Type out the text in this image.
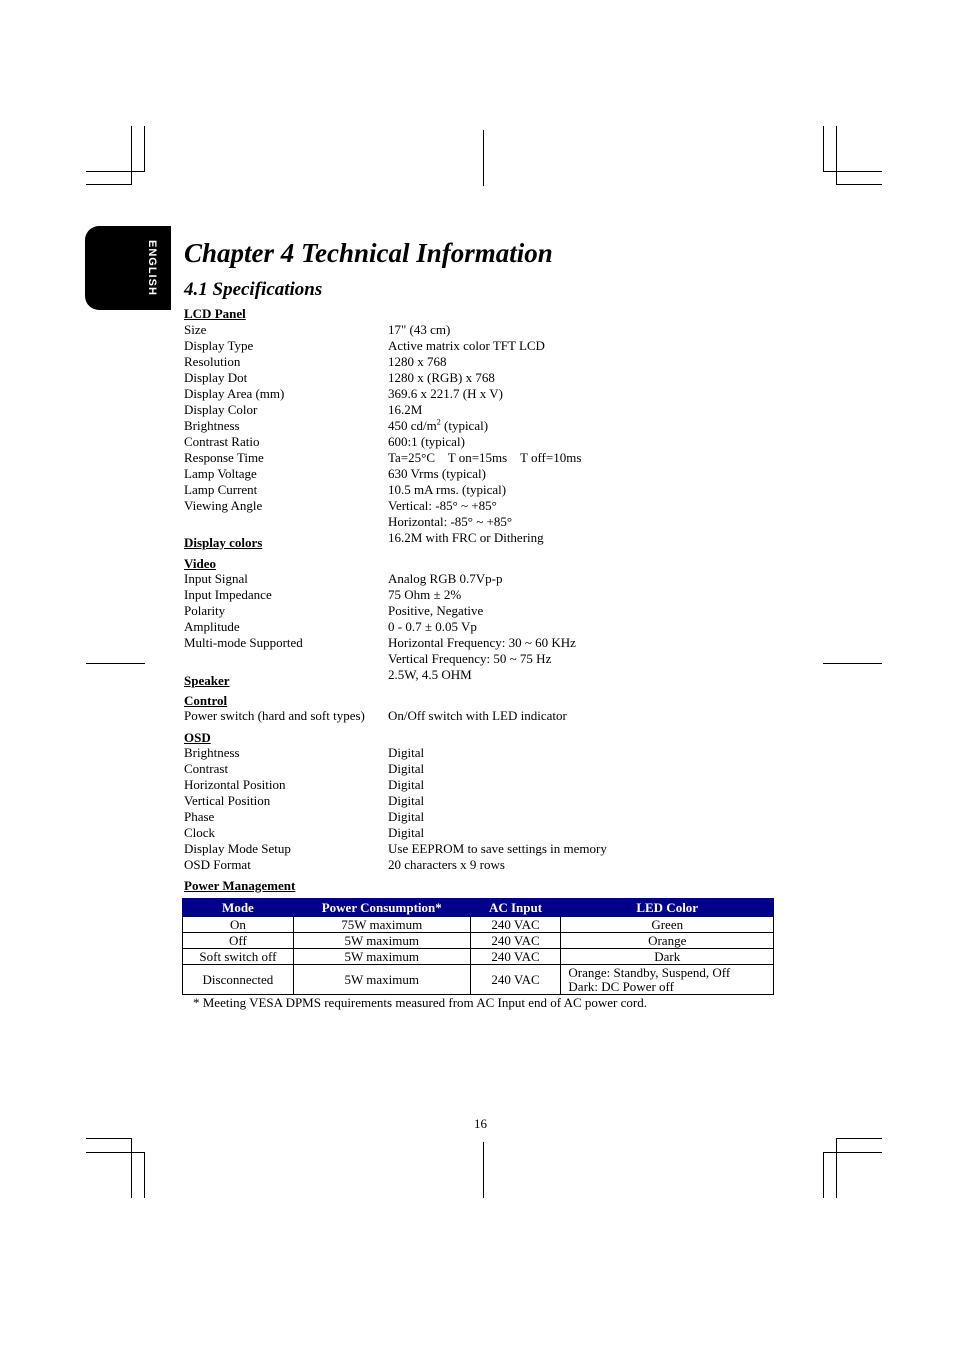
ENGLISH Chapter 4 Technical Information
4.1 Specifications
LCD Panel
Size	17" (43 cm)
Display Type	Active matrix color TFT LCD
Resolution	1280 x 768
Display Dot	1280 x (RGB) x 768
Display Area (mm)	369.6 x 221.7 (H x V)
Display Color	16.2M
Brightness	450 $cd/m^2$ (typical)
Contrast Ratio	600:1 (typical)
Response Time	Ta=25°C    T on=15ms    T off=10ms
Lamp Voltage	630 Vrms (typical)
Lamp Current	10.5 mA rms. (typical)
Viewing Angle	Vertical: -85° ~ +85°
Horizontal: -85° ~ +85°
Display colors	16.2M with FRC or Dithering
Video
Input Signal	Analog RGB 0.7Vp-p
Input Impedance	75 Ohm ± 2%
Polarity	Positive, Negative
Amplitude	0 - 0.7 ± 0.05 Vp
Multi-mode Supported	Horizontal Frequency: 30 ~ 60 KHz
Vertical Frequency: 50 ~ 75 Hz
Speaker	2.5W, 4.5 OHM
Control
Power switch (hard and soft types) On/Off switch with LED indicator
OSD
Brightness	Digital
Contrast	Digital
Horizontal Position	Digital
Vertical Position	Digital
Phase	Digital
Clock	Digital
Display Mode Setup	Use EEPROM to save settings in memory
OSD Format	20 characters x 9 rows
Power Management
Mode	Power Consumption*	AC Input	LED Color
On	75W maximum	240 VAC	Green
Off	5W maximum	240 VAC	Orange
Soft switch off	5W maximum	240 VAC	Dark
Disconnected	5W maximum	240 VAC	Orange: Standby, Suspend, Off
Dark: DC Power off
* Meeting VESA DPMS requirements measured from AC Input end of AC power cord.
16
